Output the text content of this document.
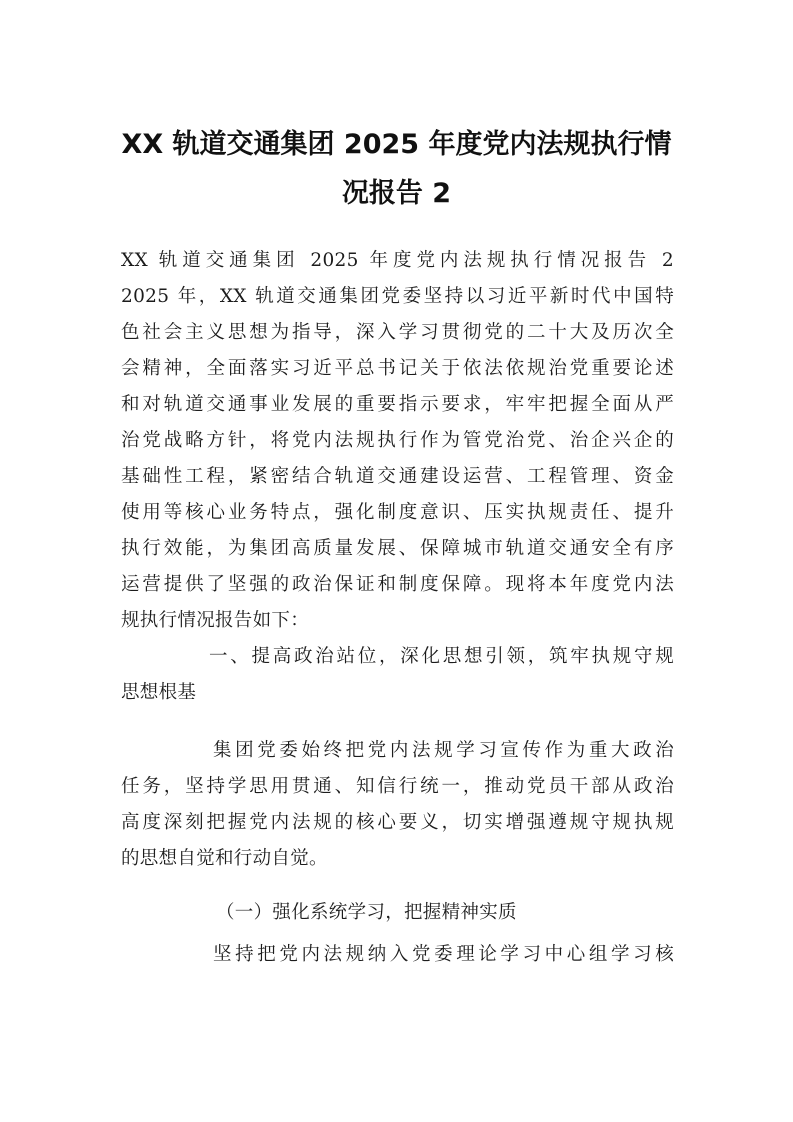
XX 轨道交通集团 2025 年度党内法规执行情
况报告 2
XX 轨道交通集团 2025 年度党内法规执行情况报告 2
2025 年，XX 轨道交通集团党委坚持以习近平新时代中国特
色社会主义思想为指导，深入学习贯彻党的二十大及历次全
会精神，全面落实习近平总书记关于依法依规治党重要论述
和对轨道交通事业发展的重要指示要求，牢牢把握全面从严
治党战略方针，将党内法规执行作为管党治党、治企兴企的
基础性工程，紧密结合轨道交通建设运营、工程管理、资金
使用等核心业务特点，强化制度意识、压实执规责任、提升
执行效能，为集团高质量发展、保障城市轨道交通安全有序
运营提供了坚强的政治保证和制度保障。现将本年度党内法
规执行情况报告如下：
一、提高政治站位，深化思想引领，筑牢执规守规
思想根基
集团党委始终把党内法规学习宣传作为重大政治
任务，坚持学思用贯通、知信行统一，推动党员干部从政治
高度深刻把握党内法规的核心要义，切实增强遵规守规执规
的思想自觉和行动自觉。
（一）强化系统学习，把握精神实质
坚持把党内法规纳入党委理论学习中心组学习核
